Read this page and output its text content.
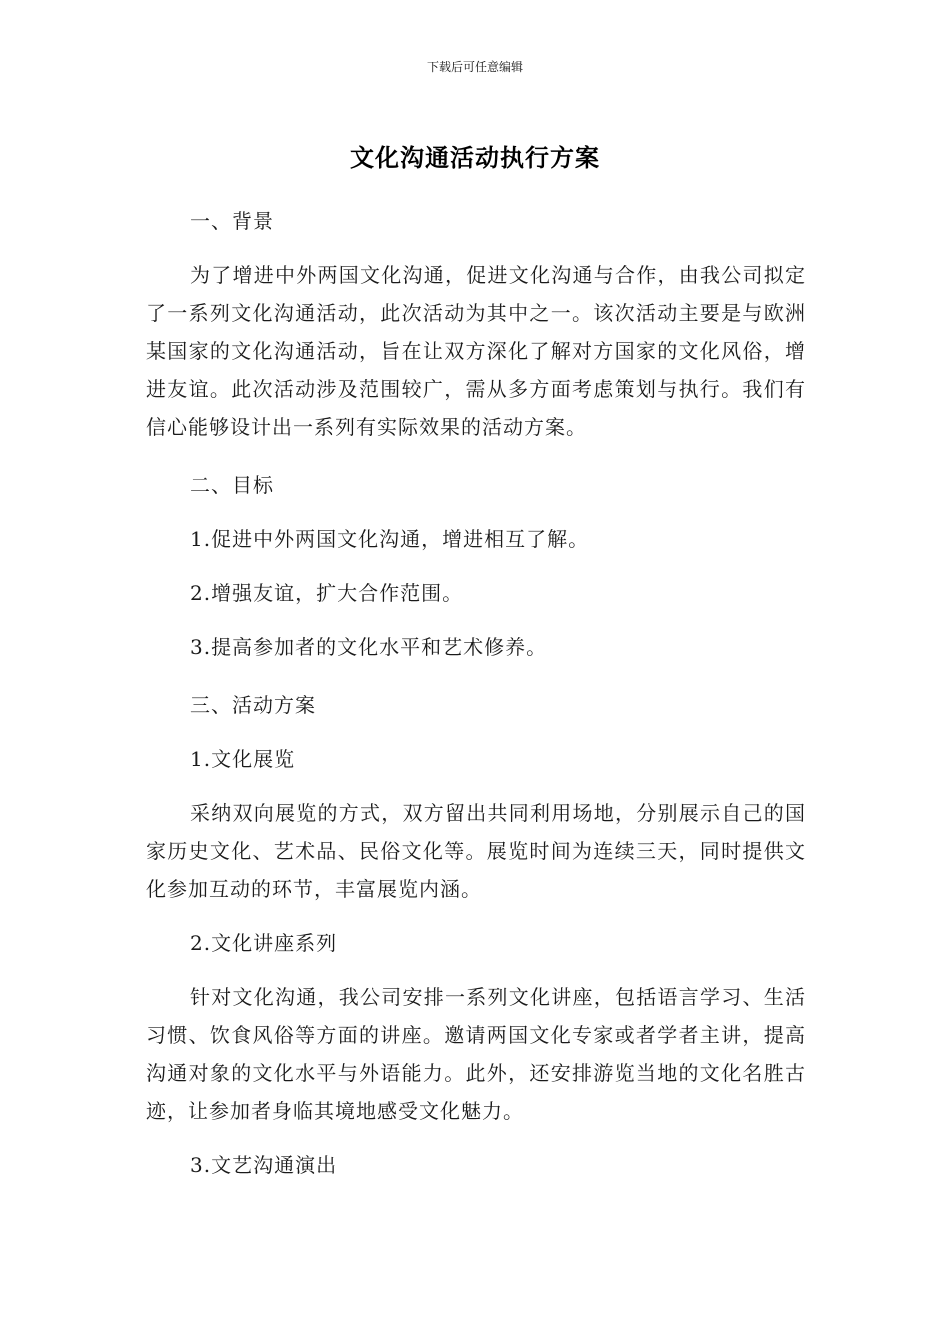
下载后可任意编辑
文化沟通活动执行方案

一、背景

为了增进中外两国文化沟通，促进文化沟通与合作，由我公司拟定了一系列文化沟通活动，此次活动为其中之一。该次活动主要是与欧洲某国家的文化沟通活动，旨在让双方深化了解对方国家的文化风俗，增进友谊。此次活动涉及范围较广，需从多方面考虑策划与执行。我们有信心能够设计出一系列有实际效果的活动方案。

二、目标

1.促进中外两国文化沟通，增进相互了解。

2.增强友谊，扩大合作范围。

3.提高参加者的文化水平和艺术修养。

三、活动方案

1.文化展览

采纳双向展览的方式，双方留出共同利用场地，分别展示自己的国家历史文化、艺术品、民俗文化等。展览时间为连续三天，同时提供文化参加互动的环节，丰富展览内涵。

2.文化讲座系列

针对文化沟通，我公司安排一系列文化讲座，包括语言学习、生活习惯、饮食风俗等方面的讲座。邀请两国文化专家或者学者主讲，提高沟通对象的文化水平与外语能力。此外，还安排游览当地的文化名胜古迹，让参加者身临其境地感受文化魅力。

3.文艺沟通演出
